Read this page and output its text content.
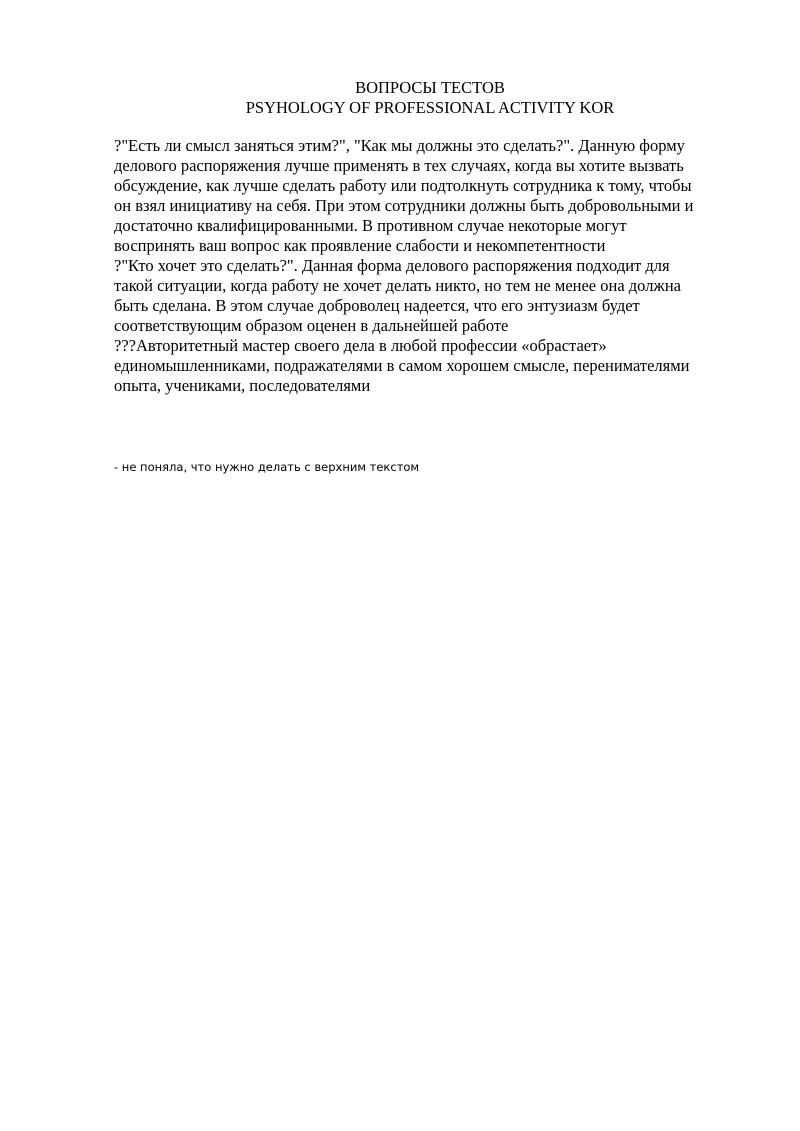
ВОПРОСЫ ТЕСТОВ
PSYHOLOGY OF PROFESSIONAL ACTIVITY KOR
?"Есть ли смысл заняться этим?", "Как мы должны это сделать?". Данную форму
делового распоряжения лучше применять в тех случаях, когда вы хотите вызвать
обсуждение, как лучше сделать работу или подтолкнуть сотрудника к тому, чтобы
он взял инициативу на себя. При этом сотрудники должны быть добровольными и
достаточно квалифицированными. В противном случае некоторые могут
воспринять ваш вопрос как проявление слабости и некомпетентности
?"Кто хочет это сделать?". Данная форма делового распоряжения подходит для
такой ситуации, когда работу не хочет делать никто, но тем не менее она должна
быть сделана. В этом случае доброволец надеется, что его энтузиазм будет
соответствующим образом оценен в дальнейшей работе
???Авторитетный мастер своего дела в любой профессии «обрастает»
единомышленниками, подражателями в самом хорошем смысле, перенимателями
опыта, учениками, последователями
- не поняла, что нужно делать с верхним текстом
